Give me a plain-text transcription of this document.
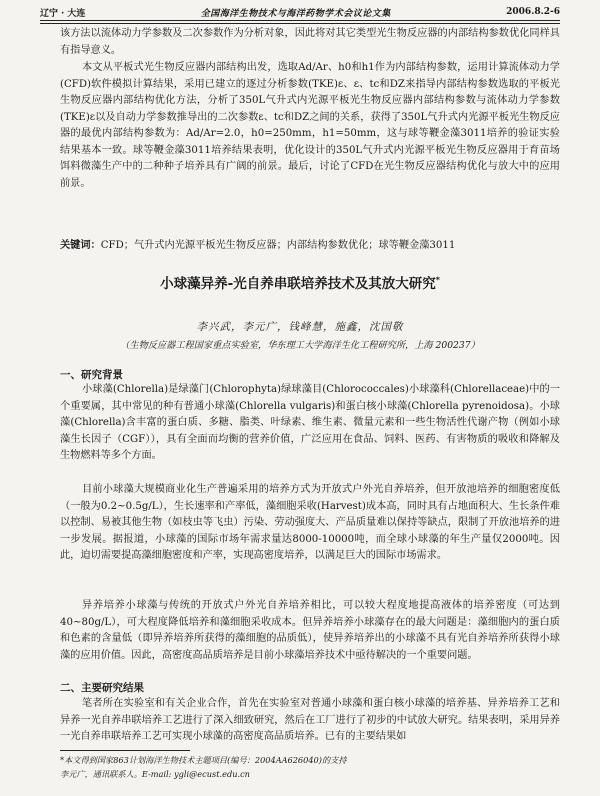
辽宁 · 大连	全国海洋生物技术与海洋药物学术会议论文集	2006.8.2-6
该方法以流体动力学参数及二次参数作为分析对象，因此将对其它类型光生物反应器的内部结构参数优化同样具有指导意义。
本文从平板式光生物反应器内部结构出发，选取Ad/Ar、h0和h1作为内部结构参数，运用计算流体动力学(CFD)软件模拟计算结果，采用已建立的逐过分析参数(TKE)ε、ε、tc和DZ来指导内部结构参数选取的平板光生物反应器内部结构优化方法，分析了350L气升式内光源平板光生物反应器内部结构参数与流体动力学参数(TKE)ε以及自动力学参数推导出的二次参数ε、tc和DZ之间的关系，获得了350L气升式内光源平板光生物反应器的最优内部结构参数为：Ad/Ar=2.0，h0=250mm，h1=50mm，这与球等鞭金藻3011培养的验证实验结果基本一致。球等鞭金藻3011培养结果表明，优化设计的350L气升式内光源平板光生物反应器用于育苗场饵料微藻生产中的二种种子培养具有广阔的前景。最后，讨论了CFD在光生物反应器结构优化与放大中的应用前景。
关键词：CFD；气升式内光源平板光生物反应器；内部结构参数优化；球等鞭金藻3011
小球藻异养-光自养串联培养技术及其放大研究*
李兴武，李元广，钱峰慧，施鑫，沈国敬
（生物反应器工程国家重点实验室，华东理工大学海洋生化工程研究所，上海 200237）
一、研究背景
小球藻(Chlorella)是绿藻门(Chlorophyta)绿球藻目(Chlorococcales)小球藻科(Chlorellaceae)中的一个重要属，其中常见的种有普通小球藻(Chlorella vulgaris)和蛋白核小球藻(Chlorella pyrenoidosa)。小球藻(Chlorella)含丰富的蛋白质、多糖、脂类、叶绿素、维生素、微量元素和一些生物活性代谢产物（例如小球藻生长因子（CGF）），具有全面而均衡的营养价值，广泛应用在食品、饲料、医药、有害物质的吸收和降解及生物燃料等多个方面。
目前小球藻大规模商业化生产普遍采用的培养方式为开放式户外光自养培养，但开放池培养的细胞密度低（一般为0.2~0.5g/L），生长速率和产率低，藻细胞采收(Harvest)成本高，同时具有占地面积大、生长条件难以控制、易被其他生物（如枝虫等飞虫）污染、劳动强度大、产品质量难以保持等缺点，限制了开放池培养的进一步发展。据报道，小球藻的国际市场年需求量达8000-10000吨，而全球小球藻的年生产量仅2000吨。因此，迫切需要提高藻细胞密度和产率，实现高密度培养，以满足巨大的国际市场需求。
异养培养小球藻与传统的开放式户外光自养培养相比，可以较大程度地提高液体的培养密度（可达到40~80g/L），可大程度降低培养和藻细胞采收成本。但异养培养小球藻存在的最大问题是：藻细胞内的蛋白质和色素的含量低（即异养培养所获得的藻细胞的品质低），使异养培养出的小球藻不具有光自养培养所获得小球藻的应用价值。因此，高密度高品质培养是目前小球藻培养技术中亟待解决的一个重要问题。
二、主要研究结果
笔者所在实验室和有关企业合作，首先在实验室对普通小球藻和蛋白核小球藻的培养基、异养培养工艺和异养一光自养串联培养工艺进行了深入细致研究，然后在工厂进行了初步的中试放大研究。结果表明，采用异养一光自养串联培养工艺可实现小球藻的高密度高品质培养。已有的主要结果如
*本文得到国家863计划海洋生物技术主题项目(编号：2004AA626040)的支持
李元广，通讯联系人。E-mail: ygli@ecust.edu.cn
